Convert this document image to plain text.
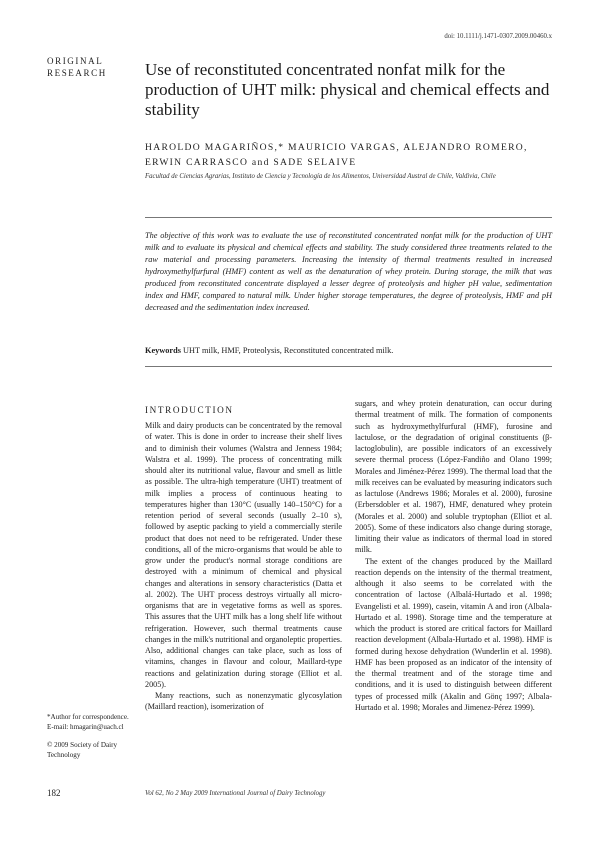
doi: 10.1111/j.1471-0307.2009.00460.x
ORIGINAL
RESEARCH Use of reconstituted concentrated nonfat milk for the production of UHT milk: physical and chemical effects and stability
HAROLDO MAGARIÑOS,* MAURICIO VARGAS, ALEJANDRO ROMERO,
ERWIN CARRASCO and SADE SELAIVE
Facultad de Ciencias Agrarias, Instituto de Ciencia y Tecnología de los Alimentos, Universidad Austral de Chile, Valdivia, Chile

The objective of this work was to evaluate the use of reconstituted concentrated nonfat milk for the production of UHT milk and to evaluate its physical and chemical effects and stability. The study considered three treatments related to the raw material and processing parameters. Increasing the intensity of thermal treatments resulted in increased hydroxymethylfurfural (HMF) content as well as the denaturation of whey protein. During storage, the milk that was produced from reconstituted concentrate displayed a lesser degree of proteolysis and higher pH value, sedimentation index and HMF, compared to natural milk. Under higher storage temperatures, the degree of proteolysis, HMF and pH decreased and the sedimentation index increased.

Keywords UHT milk, HMF, Proteolysis, Reconstituted concentrated milk.
INTRODUCTION

Milk and dairy products can be concentrated by the removal of water. This is done in order to increase their shelf lives and to diminish their volumes (Walstra and Jenness 1984; Walstra et al. 1999). The process of concentrating milk should alter its nutritional value, flavour and smell as little as possible. The ultra-high temperature (UHT) treatment of milk implies a process of continuous heating to temperatures higher than 130°C (usually 140–150°C) for a retention period of several seconds (usually 2–10 s), followed by aseptic packing to yield a commercially sterile product that does not need to be refrigerated. Under these conditions, all of the micro-organisms that would be able to grow under the product's normal storage conditions are destroyed with a minimum of chemical and physical changes and alterations in sensory characteristics (Datta et al. 2002). The UHT process destroys virtually all micro-organisms that are in vegetative forms as well as spores. This assures that the UHT milk has a long shelf life without refrigeration. However, such thermal treatments cause changes in the milk's nutritional and organoleptic properties. Also, additional changes can take place, such as loss of vitamins, changes in flavour and colour, Maillard-type reactions and gelatinization during storage (Elliot et al. 2005).

Many reactions, such as nonenzymatic glycosylation (Maillard reaction), isomerization of

sugars, and whey protein denaturation, can occur during thermal treatment of milk. The formation of components such as hydroxymethylfurfural (HMF), furosine and lactulose, or the degradation of original constituents (β-lactoglobulin), are possible indicators of an excessively severe thermal process (López-Fandiño and Olano 1999; Morales and Jiménez-Pérez 1999). The thermal load that the milk receives can be evaluated by measuring indicators such as lactulose (Andrews 1986; Morales et al. 2000), furosine (Erbersdobler et al. 1987), HMF, denatured whey protein (Morales et al. 2000) and soluble tryptophan (Elliot et al. 2005). Some of these indicators also change during storage, limiting their value as indicators of thermal load in stored milk.

The extent of the changes produced by the Maillard reaction depends on the intensity of the thermal treatment, although it also seems to be correlated with the concentration of lactose (Albalá-Hurtado et al. 1998; Evangelisti et al. 1999), casein, vitamin A and iron (Albala-Hurtado et al. 1998). Storage time and the temperature at which the product is stored are critical factors for Maillard reaction development (Albala-Hurtado et al. 1998). HMF is formed during hexose dehydration (Wunderlin et al. 1998). HMF has been proposed as an indicator of the intensity of the thermal treatment and of the storage time and conditions, and it is used to distinguish between different types of processed milk (Akalin and Gönç 1997; Albala-Hurtado et al. 1998; Morales and Jimenez-Pérez 1999).

*Author for correspondence. E-mail: hmagarin@uach.cl

© 2009 Society of Dairy Technology

182	Vol 62, No 2 May 2009 International Journal of Dairy Technology
